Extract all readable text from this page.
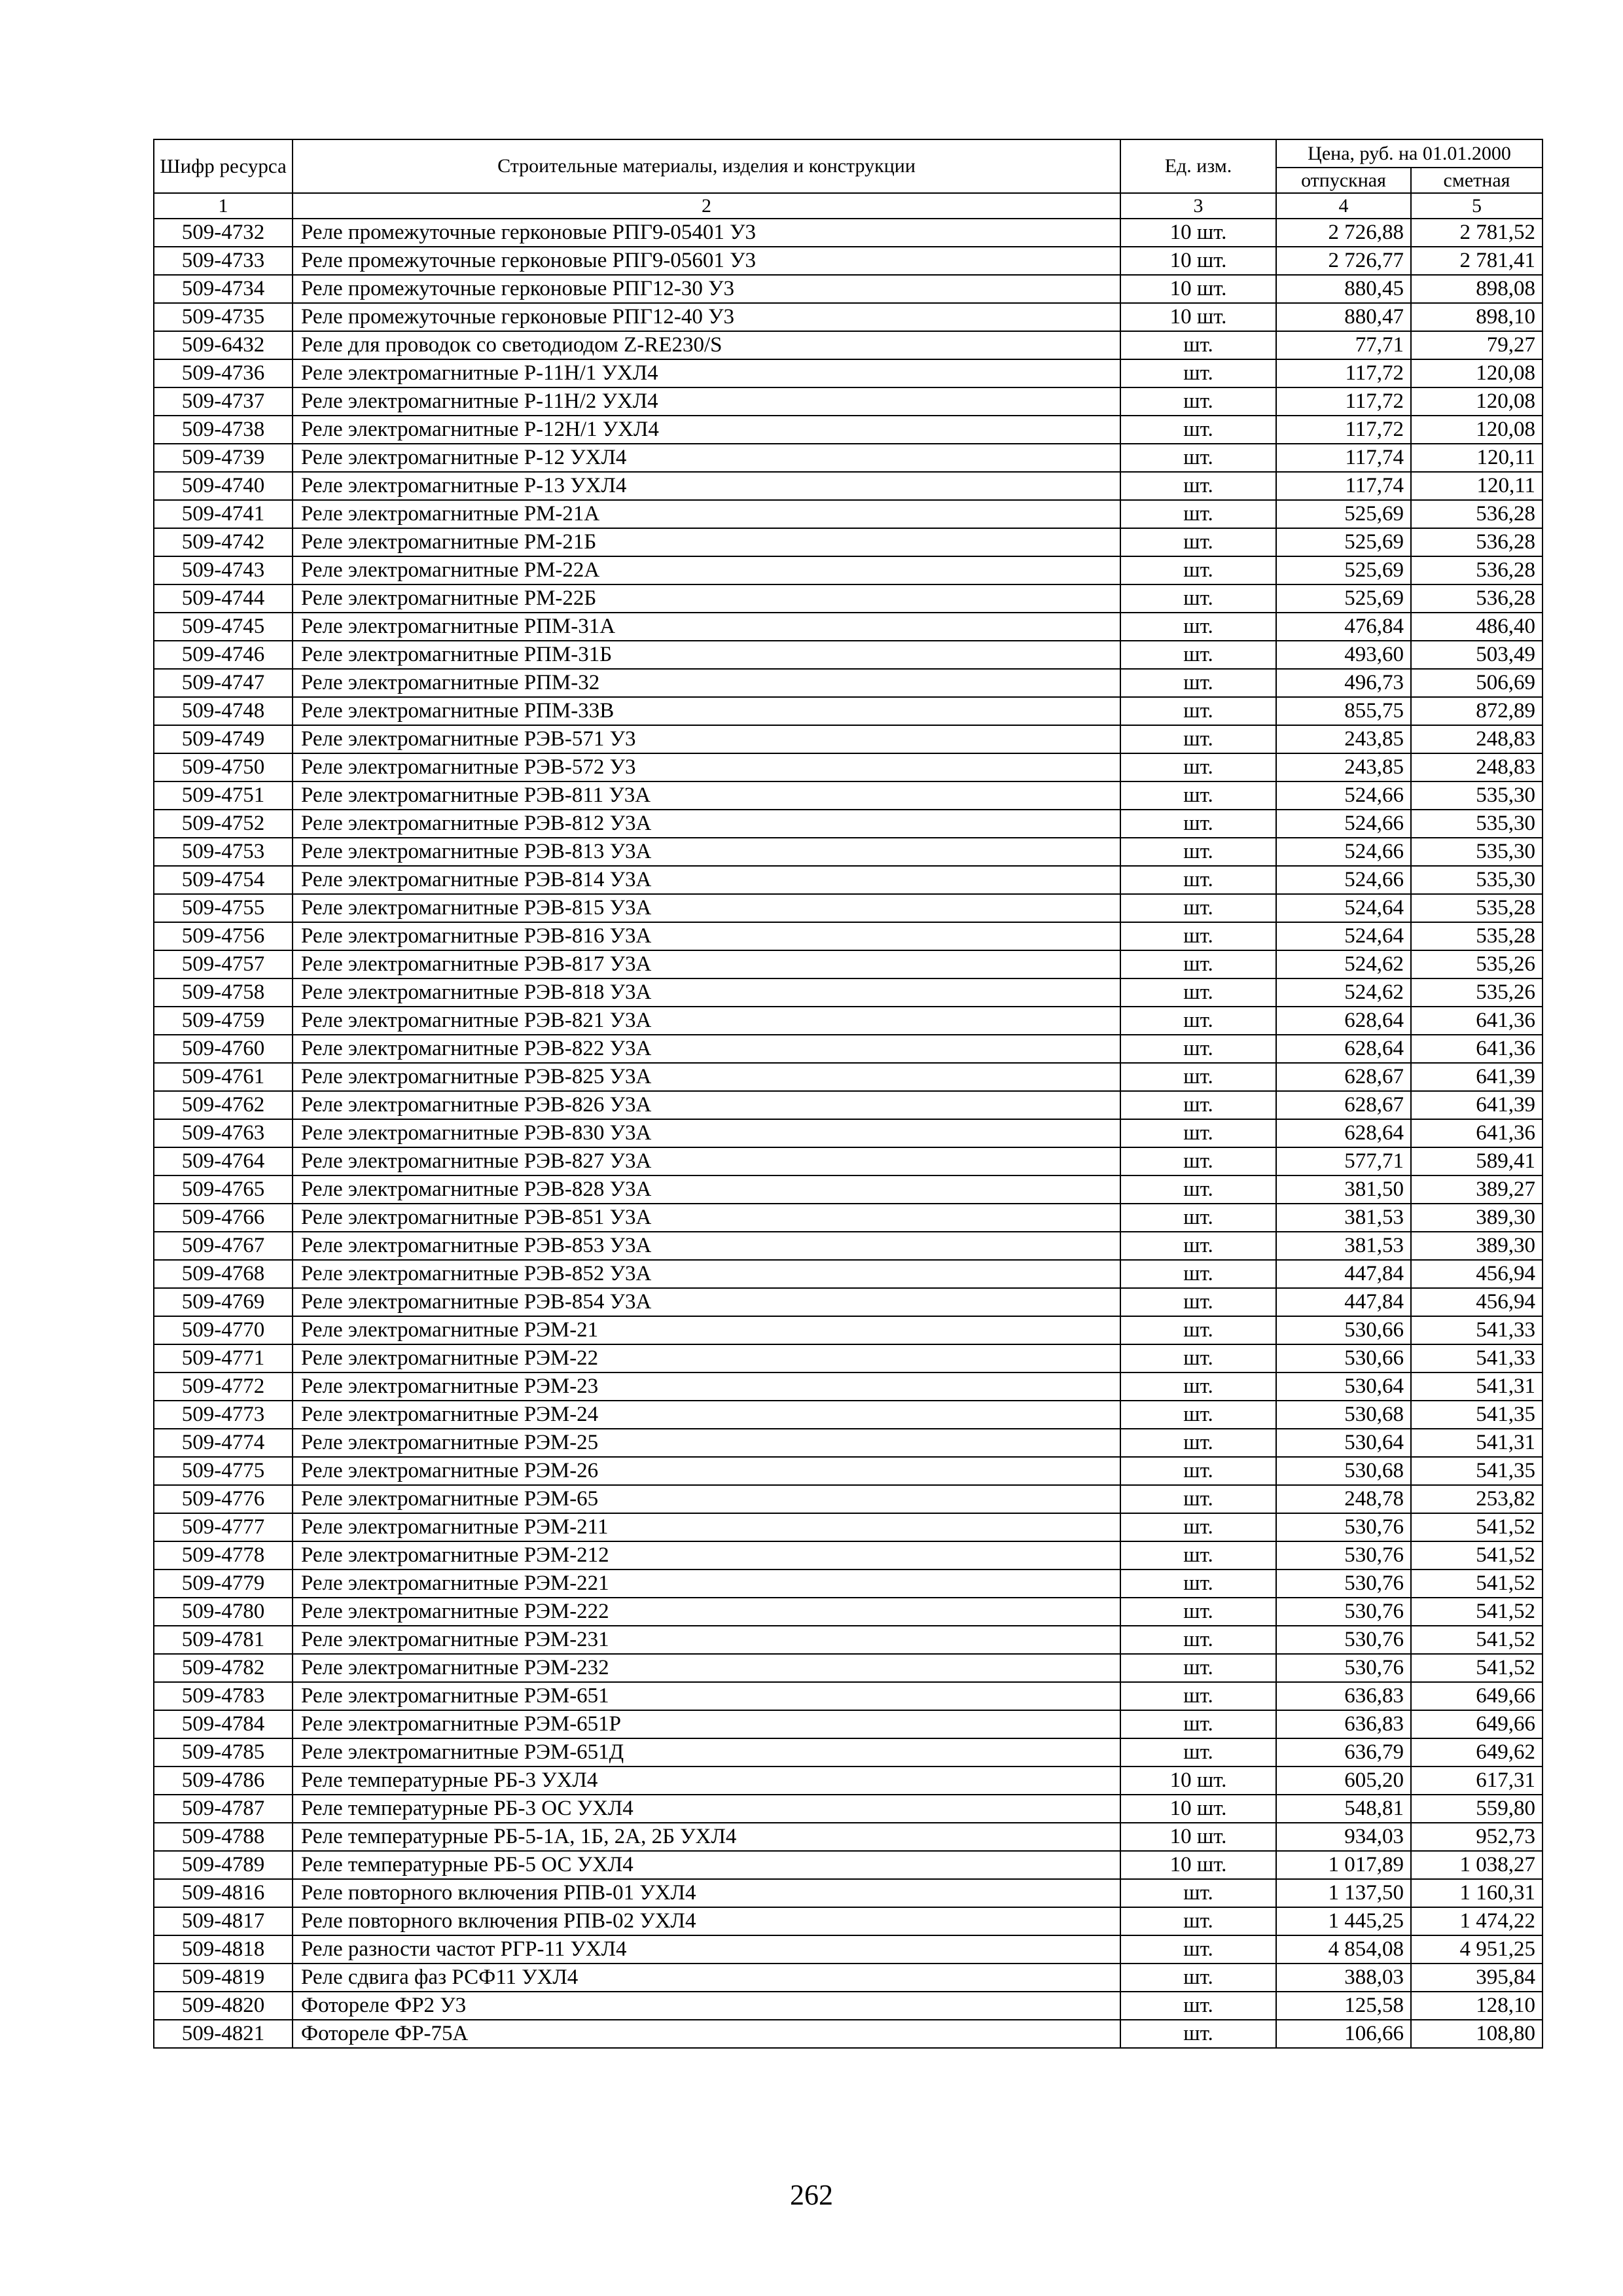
Шифр ресурса	Строительные материалы, изделия и конструкции	Ед. изм.	Цена, руб. на 01.01.2000	
			отпускная	сметная
1	2	3	4	5
509-4732	Реле промежуточные герконовые РПГ9-05401 У3	10 шт.	2 726,88	2 781,52
509-4733	Реле промежуточные герконовые РПГ9-05601 У3	10 шт.	2 726,77	2 781,41
509-4734	Реле промежуточные герконовые РПГ12-30 У3	10 шт.	880,45	898,08
509-4735	Реле промежуточные герконовые РПГ12-40 У3	10 шт.	880,47	898,10
509-6432	Реле для проводок со светодиодом Z-RE230/S	шт.	77,71	79,27
509-4736	Реле электромагнитные Р-11Н/1 УХЛ4	шт.	117,72	120,08
509-4737	Реле электромагнитные Р-11Н/2 УХЛ4	шт.	117,72	120,08
509-4738	Реле электромагнитные Р-12Н/1 УХЛ4	шт.	117,72	120,08
509-4739	Реле электромагнитные Р-12 УХЛ4	шт.	117,74	120,11
509-4740	Реле электромагнитные Р-13 УХЛ4	шт.	117,74	120,11
509-4741	Реле электромагнитные РМ-21А	шт.	525,69	536,28
509-4742	Реле электромагнитные РМ-21Б	шт.	525,69	536,28
509-4743	Реле электромагнитные РМ-22А	шт.	525,69	536,28
509-4744	Реле электромагнитные РМ-22Б	шт.	525,69	536,28
509-4745	Реле электромагнитные РПМ-31А	шт.	476,84	486,40
509-4746	Реле электромагнитные РПМ-31Б	шт.	493,60	503,49
509-4747	Реле электромагнитные РПМ-32	шт.	496,73	506,69
509-4748	Реле электромагнитные РПМ-33В	шт.	855,75	872,89
509-4749	Реле электромагнитные РЭВ-571 У3	шт.	243,85	248,83
509-4750	Реле электромагнитные РЭВ-572 У3	шт.	243,85	248,83
509-4751	Реле электромагнитные РЭВ-811 У3А	шт.	524,66	535,30
509-4752	Реле электромагнитные РЭВ-812 У3А	шт.	524,66	535,30
509-4753	Реле электромагнитные РЭВ-813 У3А	шт.	524,66	535,30
509-4754	Реле электромагнитные РЭВ-814 У3А	шт.	524,66	535,30
509-4755	Реле электромагнитные РЭВ-815 У3А	шт.	524,64	535,28
509-4756	Реле электромагнитные РЭВ-816 У3А	шт.	524,64	535,28
509-4757	Реле электромагнитные РЭВ-817 У3А	шт.	524,62	535,26
509-4758	Реле электромагнитные РЭВ-818 У3А	шт.	524,62	535,26
509-4759	Реле электромагнитные РЭВ-821 У3А	шт.	628,64	641,36
509-4760	Реле электромагнитные РЭВ-822 У3А	шт.	628,64	641,36
509-4761	Реле электромагнитные РЭВ-825 У3А	шт.	628,67	641,39
509-4762	Реле электромагнитные РЭВ-826 У3А	шт.	628,67	641,39
509-4763	Реле электромагнитные РЭВ-830 У3А	шт.	628,64	641,36
509-4764	Реле электромагнитные РЭВ-827 У3А	шт.	577,71	589,41
509-4765	Реле электромагнитные РЭВ-828 У3А	шт.	381,50	389,27
509-4766	Реле электромагнитные РЭВ-851 У3А	шт.	381,53	389,30
509-4767	Реле электромагнитные РЭВ-853 У3А	шт.	381,53	389,30
509-4768	Реле электромагнитные РЭВ-852 У3А	шт.	447,84	456,94
509-4769	Реле электромагнитные РЭВ-854 У3А	шт.	447,84	456,94
509-4770	Реле электромагнитные РЭМ-21	шт.	530,66	541,33
509-4771	Реле электромагнитные РЭМ-22	шт.	530,66	541,33
509-4772	Реле электромагнитные РЭМ-23	шт.	530,64	541,31
509-4773	Реле электромагнитные РЭМ-24	шт.	530,68	541,35
509-4774	Реле электромагнитные РЭМ-25	шт.	530,64	541,31
509-4775	Реле электромагнитные РЭМ-26	шт.	530,68	541,35
509-4776	Реле электромагнитные РЭМ-65	шт.	248,78	253,82
509-4777	Реле электромагнитные РЭМ-211	шт.	530,76	541,52
509-4778	Реле электромагнитные РЭМ-212	шт.	530,76	541,52
509-4779	Реле электромагнитные РЭМ-221	шт.	530,76	541,52
509-4780	Реле электромагнитные РЭМ-222	шт.	530,76	541,52
509-4781	Реле электромагнитные РЭМ-231	шт.	530,76	541,52
509-4782	Реле электромагнитные РЭМ-232	шт.	530,76	541,52
509-4783	Реле электромагнитные РЭМ-651	шт.	636,83	649,66
509-4784	Реле электромагнитные РЭМ-651Р	шт.	636,83	649,66
509-4785	Реле электромагнитные РЭМ-651Д	шт.	636,79	649,62
509-4786	Реле температурные РБ-3 УХЛ4	10 шт.	605,20	617,31
509-4787	Реле температурные РБ-3 ОС УХЛ4	10 шт.	548,81	559,80
509-4788	Реле температурные РБ-5-1А, 1Б, 2А, 2Б УХЛ4	10 шт.	934,03	952,73
509-4789	Реле температурные РБ-5 ОС УХЛ4	10 шт.	1 017,89	1 038,27
509-4816	Реле повторного включения РПВ-01 УХЛ4	шт.	1 137,50	1 160,31
509-4817	Реле повторного включения РПВ-02 УХЛ4	шт.	1 445,25	1 474,22
509-4818	Реле разности частот РГР-11 УХЛ4	шт.	4 854,08	4 951,25
509-4819	Реле сдвига фаз РСФ11 УХЛ4	шт.	388,03	395,84
509-4820	Фотореле ФР2 У3	шт.	125,58	128,10
509-4821	Фотореле ФР-75А	шт.	106,66	108,80
262
